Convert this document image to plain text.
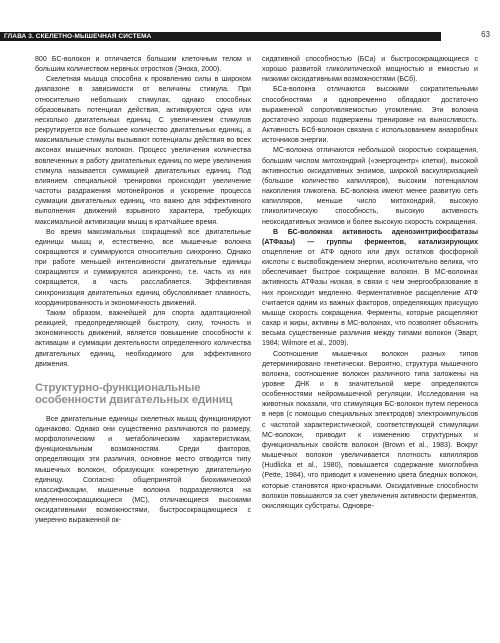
ГЛАВА 3. СКЕЛЕТНО-МЫШЕЧНАЯ СИСТЕМА	63

800 БС-волокон и отличается большим клеточным телом и большим количеством нервных отростков (Энока, 2000).

Скелетная мышца способна к проявлению силы в широком диапазоне в зависимости от величины стимула. При относительно небольших стимулах, однако способных образовывать потенциал действия, активируются одна или несколько двигательных единиц. С увеличением стимулов рекрутируется все большее количество двигательных единиц, а максимальные стимулы вызывают потенциалы действия во всех аксонах мышечных волокон. Процесс увеличения количества вовлеченных в работу двигательных единиц по мере увеличения стимула называется суммацией двигательных единиц. Под влиянием специальной тренировки происходит увеличение частоты раздражения мотонейронов и ускорение процесса суммации двигательных единиц, что важно для эффективного выполнения движений взрывного характера, требующих максимальной активизации мышц в кратчайшее время.

Во время максимальных сокращений все двигательные единицы мышц и, естественно, все мышечные волокна сокращаются и суммируются относительно синхронно. Однако при работе меньшей интенсивности двигательные единицы сокращаются и суммируются асинхронно, т.е. часть из них сокращается, а часть расслабляется. Эффективная синхронизация двигательных единиц обусловливает плавность, координированность и экономичность движений.

Таким образом, важнейшей для спорта адаптационной реакцией, предопределяющей быстроту, силу, точность и экономичность движений, является повышение способности к активации и суммации деятельности определенного количества двигательных единиц, необходимого для эффективного движения.

Структурно-функциональные особенности двигательных единиц

Все двигательные единицы скелетных мышц функционируют одинаково. Однако они существенно различаются по размеру, морфологическим и метаболическим характеристикам, функциональным возможностям. Среди факторов, определяющих эти различия, основное место отводится типу мышечных волокон, образующих конкретную двигательную единицу. Согласно общепринятой биохимической классификации, мышечные волокна подразделяются на медленносокращающиеся (МС), отличающиеся высокими оксидативными возможностями, быстросокращающиеся с умеренно выраженной ок-

сидативной способностью (БСа) и быстросокращающиеся с хорошо развитой гликолитической мощностью и емкостью и низкими оксидативными возможностями (БСб).

БСа-волокна отличаются высокими сократительными способностями и одновременно обладают достаточно выраженной сопротивляемостью утомлению. Эти волокна достаточно хорошо подвержены тренировке на выносливость. Активность БСб-волокон связана с использованием анаэробных источников энергии.

МС-волокна отличаются небольшой скоростью сокращения, большим числом митохондрий («энергоцентр» клетки), высокой активностью оксидативных энзимов, широкой васкуляризацией (большое количество капилляров), высоким потенциалом накопления гликогена. БС-волокна имеют менее развитую сеть капилляров, меньше число митохондрий, высокую гликолитическую способность, высокую активность неоксидативных энзимов и более высокую скорость сокращения.

В БС-волокнах активность аденозинтрифосфатазы (АТФазы) — группы ферментов, катализирующих отщепление от АТФ одного или двух остатков фосфорной кислоты с высвобождением энергии, исключительно велика, что обеспечивает быстрое сокращение волокон. В МС-волокнах активность АТФазы низкая, в связи с чем энергообразование в них происходит медленно. Ферментативное расщепление АТФ считается одним из важных факторов, определяющих присущую мышце скорость сокращения. Ферменты, которые расщепляют сахар и жиры, активны в МС-волокнах, что позволяет объяснить весьма существенные различия между типами волокон (Эварт, 1984; Wilmore et al., 2009).

Соотношение мышечных волокон разных типов детерминировано генетически. Вероятно, структура мышечного волокна, соотношение волокон различного типа заложены на уровне ДНК и в значительной мере определяются особенностями нейромышечной регуляции. Исследования на животных показали, что стимуляция БС-волокон путем переноса в нерв (с помощью специальных электродов) электроимпульсов с частотой характеристической, соответствующей стимуляции МС-волокон, приводит к изменению структурных и функциональных свойств волокон (Brown et al., 1983). Вокруг мышечных волокон увеличивается плотность капилляров (Hudlicka et al., 1980), повышается содержание миоглобина (Pette, 1984), что приводит к изменению цвета бледных волокон, которые становятся ярко-красными. Оксидативные способности волокон повышаются за счет увеличения активности ферментов, окисляющих субстраты. Одновре-
